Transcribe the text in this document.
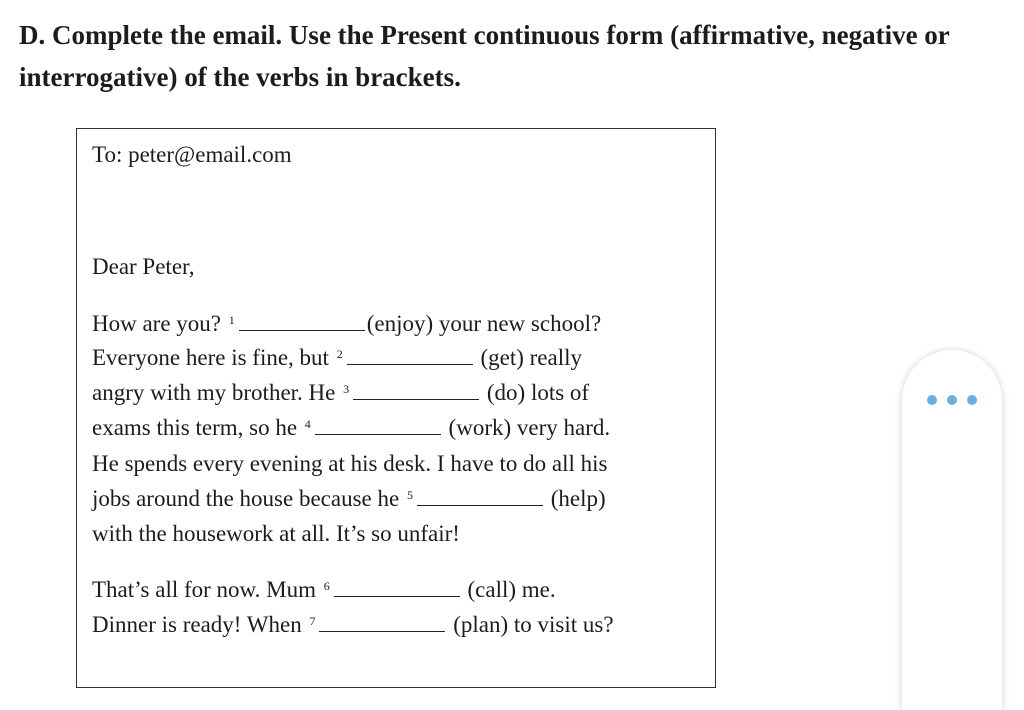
D. Complete the email. Use the Present continuous form (affirmative, negative or interrogative) of the verbs in brackets.

To: peter@email.com

Dear Peter,

How are you? $^1$	(enjoy) your new school?

Everyone here is fine, but $^2$	(get) really

angry with my brother. He $^3$	(do) lots of

exams this term, so he $^4$	(work) very hard.

He spends every evening at his desk. I have to do all his

jobs around the house because he $^5$	(help)

with the housework at all. It’s so unfair!

That’s all for now. Mum $^6$	(call) me.

Dinner is ready! When $^7$	(plan) to visit us?
